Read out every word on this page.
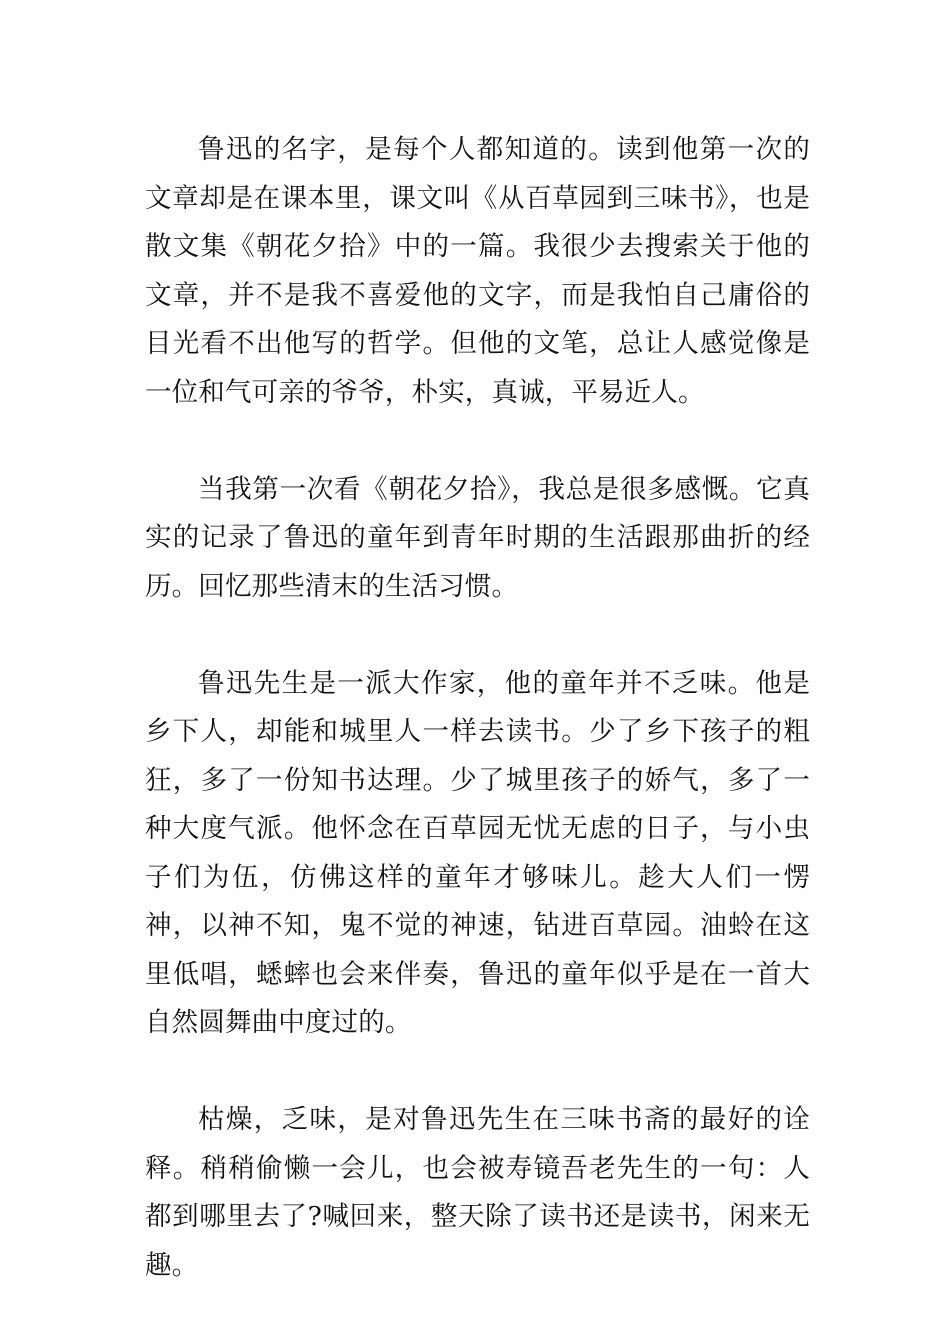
鲁迅的名字，是每个人都知道的。读到他第一次的文章却是在课本里，课文叫《从百草园到三味书》，也是散文集《朝花夕拾》中的一篇。我很少去搜索关于他的文章，并不是我不喜爱他的文字，而是我怕自己庸俗的目光看不出他写的哲学。但他的文笔，总让人感觉像是一位和气可亲的爷爷，朴实，真诚，平易近人。

当我第一次看《朝花夕拾》，我总是很多感慨。它真实的记录了鲁迅的童年到青年时期的生活跟那曲折的经历。回忆那些清末的生活习惯。

鲁迅先生是一派大作家，他的童年并不乏味。他是乡下人，却能和城里人一样去读书。少了乡下孩子的粗狂，多了一份知书达理。少了城里孩子的娇气，多了一种大度气派。他怀念在百草园无忧无虑的日子，与小虫子们为伍，仿佛这样的童年才够味儿。趁大人们一愣神，以神不知，鬼不觉的神速，钻进百草园。油蛉在这里低唱，蟋蟀也会来伴奏，鲁迅的童年似乎是在一首大自然圆舞曲中度过的。

枯燥，乏味，是对鲁迅先生在三味书斋的最好的诠释。稍稍偷懒一会儿，也会被寿镜吾老先生的一句：人都到哪里去了?喊回来，整天除了读书还是读书，闲来无趣。
